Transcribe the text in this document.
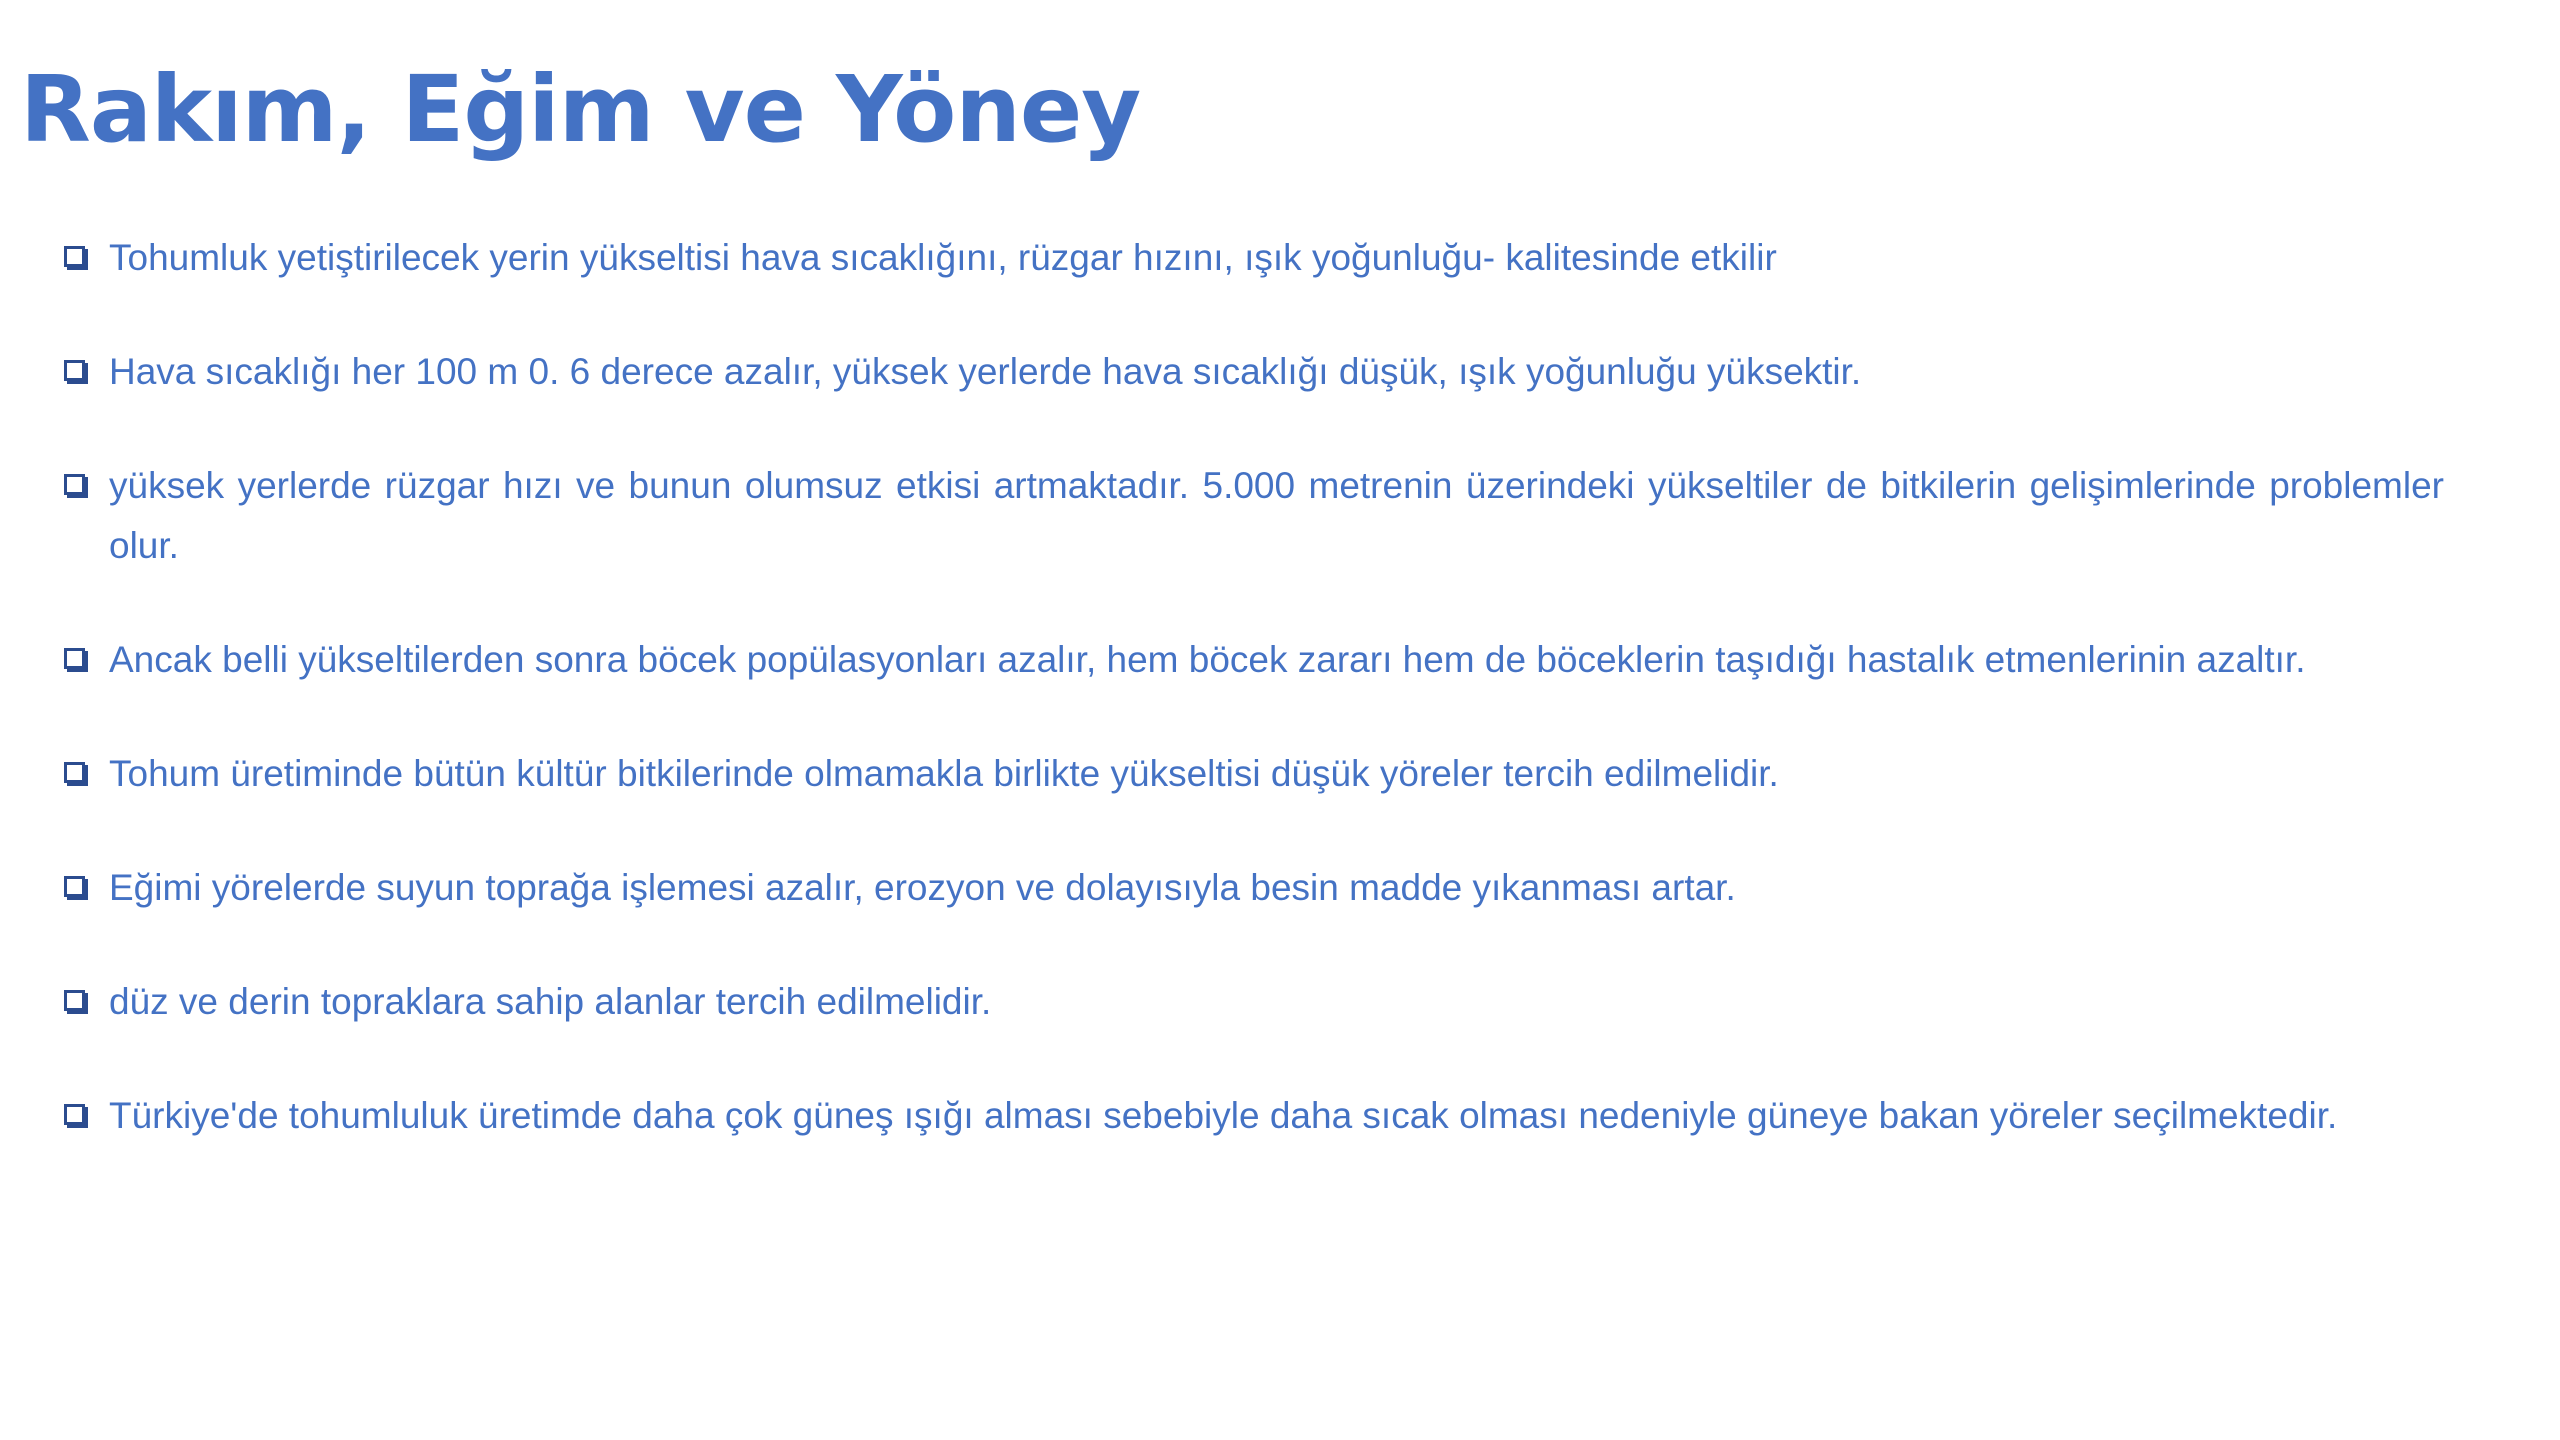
Rakım, Eğim ve Yöney
Tohumluk yetiştirilecek yerin yükseltisi hava sıcaklığını, rüzgar hızını, ışık yoğunluğu- kalitesinde etkilir
Hava sıcaklığı her 100 m 0. 6 derece azalır, yüksek yerlerde hava sıcaklığı düşük, ışık yoğunluğu yüksektir.
yüksek yerlerde rüzgar hızı ve bunun olumsuz etkisi artmaktadır. 5.000 metrenin üzerindeki yükseltiler de bitkilerin gelişimlerinde problemler olur.
Ancak belli yükseltilerden sonra böcek popülasyonları azalır, hem böcek zararı hem de böceklerin taşıdığı hastalık etmenlerinin azaltır.
Tohum üretiminde bütün kültür bitkilerinde olmamakla birlikte yükseltisi düşük yöreler tercih edilmelidir.
Eğimi yörelerde suyun toprağa işlemesi azalır, erozyon ve dolayısıyla besin madde yıkanması artar.
düz ve derin topraklara sahip alanlar tercih edilmelidir.
Türkiye'de tohumluluk üretimde daha çok güneş ışığı alması sebebiyle daha sıcak olması nedeniyle güneye bakan yöreler seçilmektedir.
